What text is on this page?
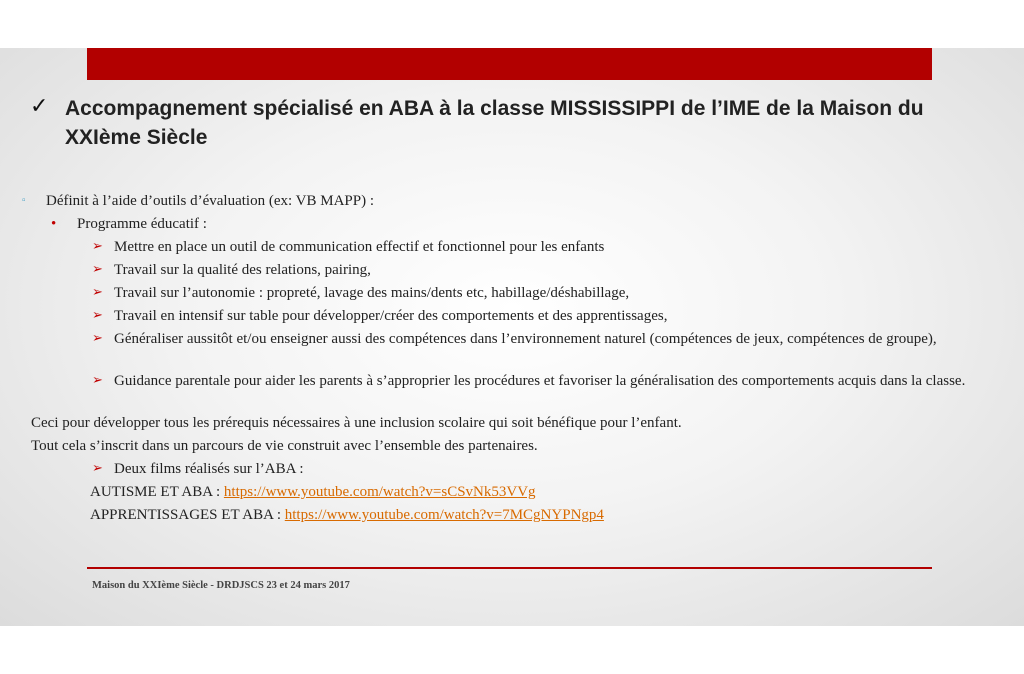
✓ Accompagnement spécialisé en ABA à la classe MISSISSIPPI de l’IME de la Maison du XXIème Siècle
▫ Définit à l’aide d’outils d’évaluation (ex: VB MAPP) :
• Programme éducatif :
➢ Mettre en place un outil de communication effectif et fonctionnel pour les enfants
➢ Travail sur la qualité des relations, pairing,
➢ Travail sur l’autonomie : propreté, lavage des mains/dents etc, habillage/déshabillage,
➢ Travail en intensif sur table pour développer/créer des comportements et des apprentissages,
➢ Généraliser aussitôt et/ou enseigner aussi des compétences dans l’environnement naturel (compétences de jeux, compétences de groupe),
➢ Guidance parentale pour aider les parents à s’approprier les procédures et favoriser la généralisation des comportements acquis dans la classe.
Ceci pour développer tous les prérequis nécessaires à une inclusion scolaire qui soit bénéfique pour l’enfant.
Tout cela s’inscrit dans un parcours de vie construit avec l’ensemble des partenaires.
➢ Deux films réalisés sur l’ABA :
AUTISME ET ABA : https://www.youtube.com/watch?v=sCSvNk53VVg
APPRENTISSAGES ET ABA : https://www.youtube.com/watch?v=7MCgNYPNgp4
Maison du XXIème Siècle - DRDJSCS 23 et 24 mars 2017
